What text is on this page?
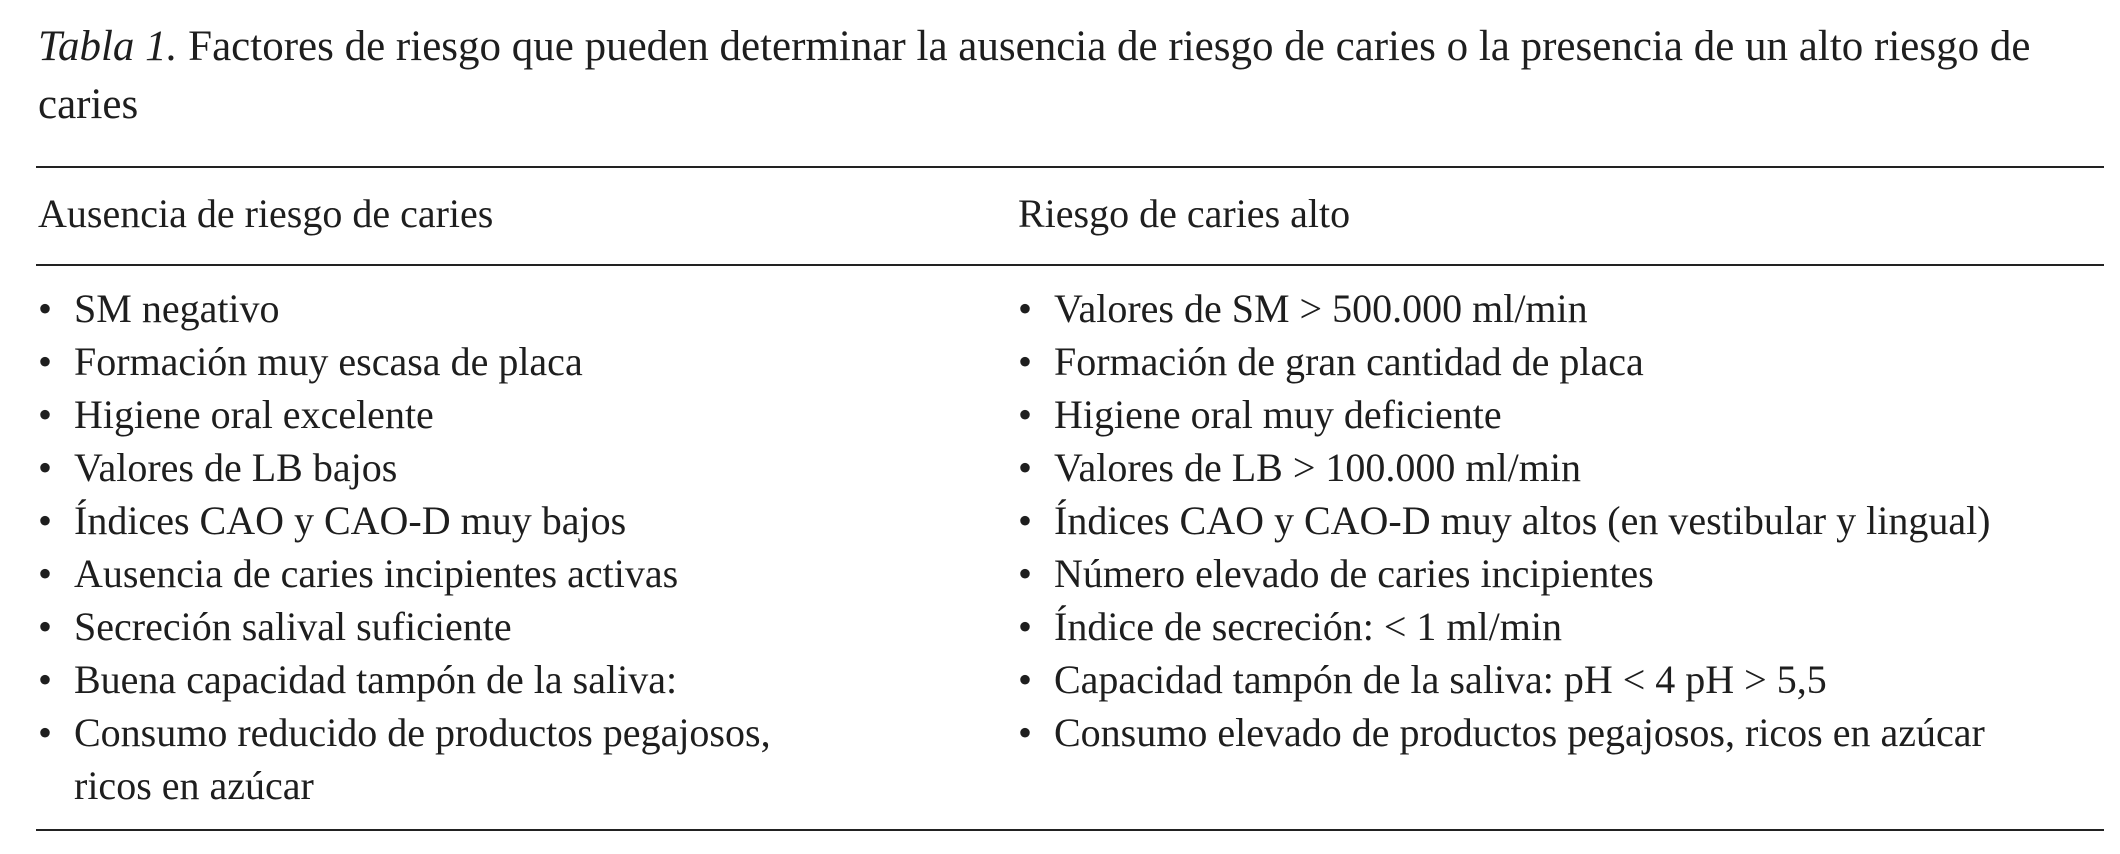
Tabla 1. Factores de riesgo que pueden determinar la ausencia de riesgo de caries o la presencia de un alto riesgo de caries

Ausencia de riesgo de caries	Riesgo de caries alto

• SM negativo
• Formación muy escasa de placa
• Higiene oral excelente
• Valores de LB bajos
• Índices CAO y CAO-D muy bajos
• Ausencia de caries incipientes activas
• Secreción salival suficiente
• Buena capacidad tampón de la saliva:
• Consumo reducido de productos pegajosos,
ricos en azúcar
• Valores de SM > 500.000 ml/min
• Formación de gran cantidad de placa
• Higiene oral muy deficiente
• Valores de LB > 100.000 ml/min
• Índices CAO y CAO-D muy altos (en vestibular y lingual)
• Número elevado de caries incipientes
• Índice de secreción: < 1 ml/min
• Capacidad tampón de la saliva: pH < 4 pH > 5,5
• Consumo elevado de productos pegajosos, ricos en azúcar
